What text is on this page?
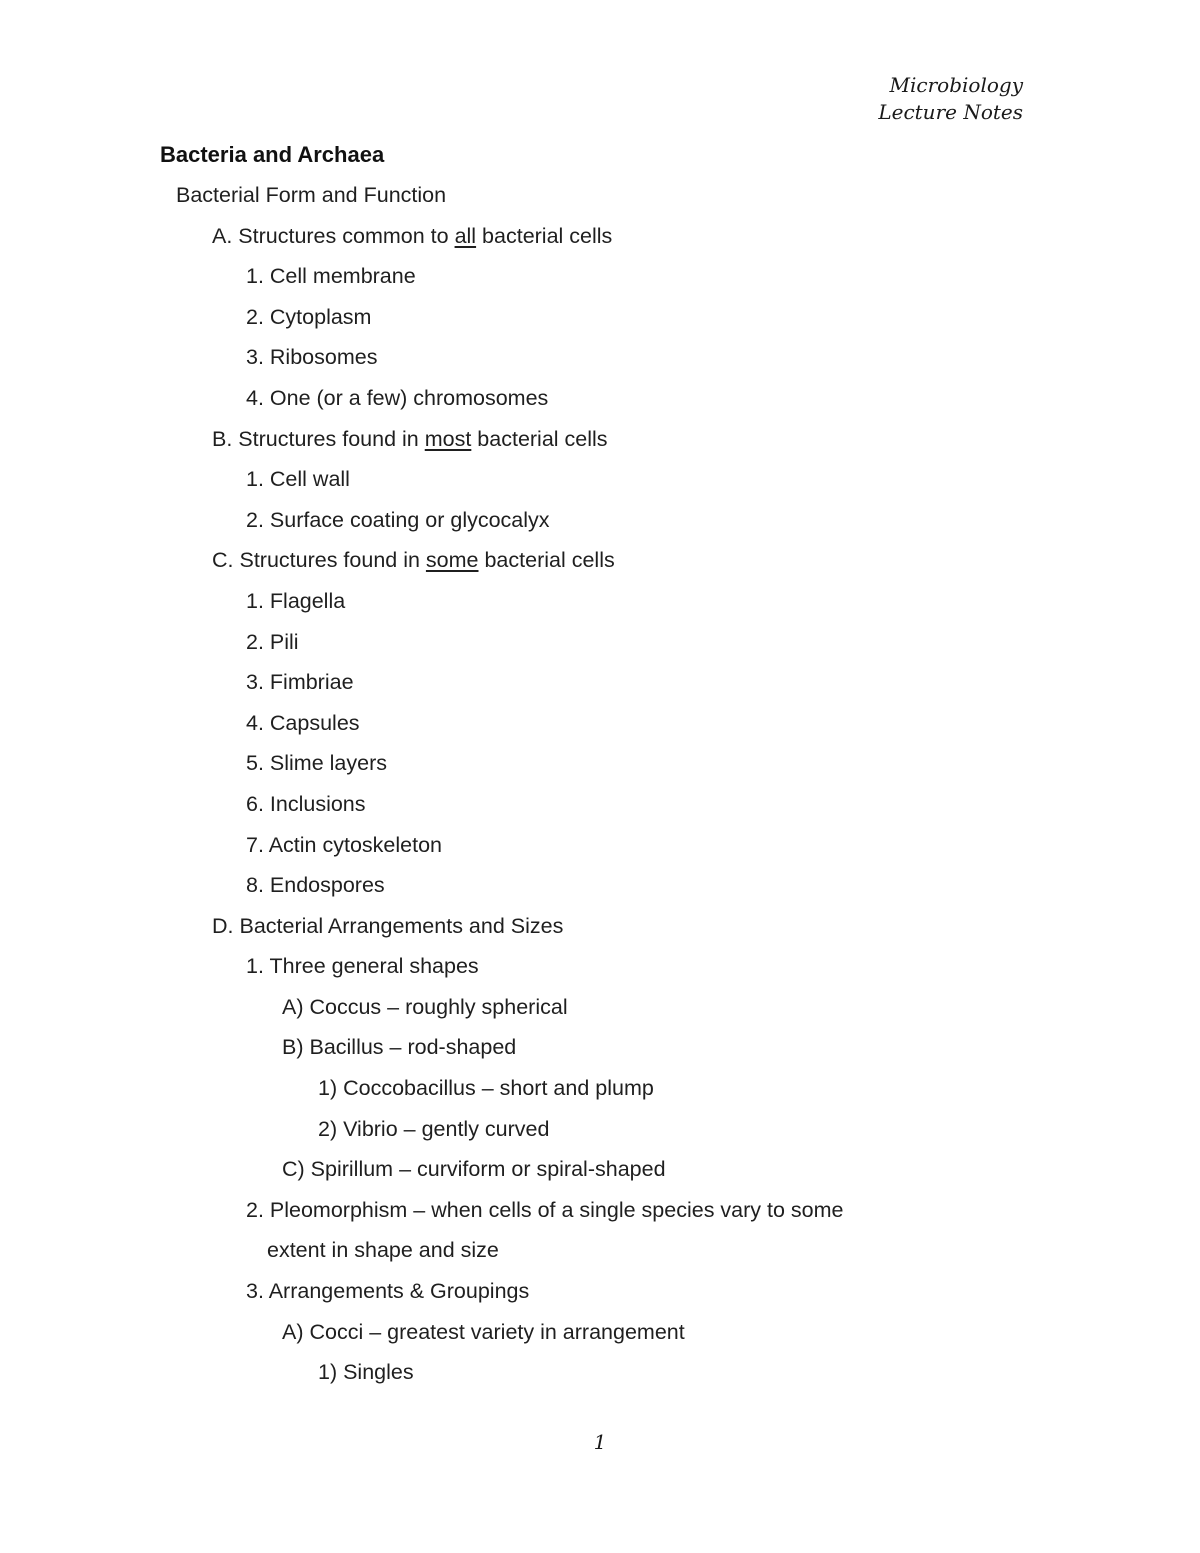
Microbiology
Lecture Notes
Bacteria and Archaea
Bacterial Form and Function
A. Structures common to all bacterial cells
1. Cell membrane
2. Cytoplasm
3. Ribosomes
4. One (or a few) chromosomes
B. Structures found in most bacterial cells
1. Cell wall
2. Surface coating or glycocalyx
C. Structures found in some bacterial cells
1. Flagella
2. Pili
3. Fimbriae
4. Capsules
5. Slime layers
6. Inclusions
7. Actin cytoskeleton
8. Endospores
D. Bacterial Arrangements and Sizes
1. Three general shapes
A) Coccus – roughly spherical
B) Bacillus – rod-shaped
1) Coccobacillus – short and plump
2) Vibrio – gently curved
C) Spirillum – curviform or spiral-shaped
2. Pleomorphism – when cells of a single species vary to some
extent in shape and size
3. Arrangements & Groupings
A) Cocci – greatest variety in arrangement
1) Singles
1
